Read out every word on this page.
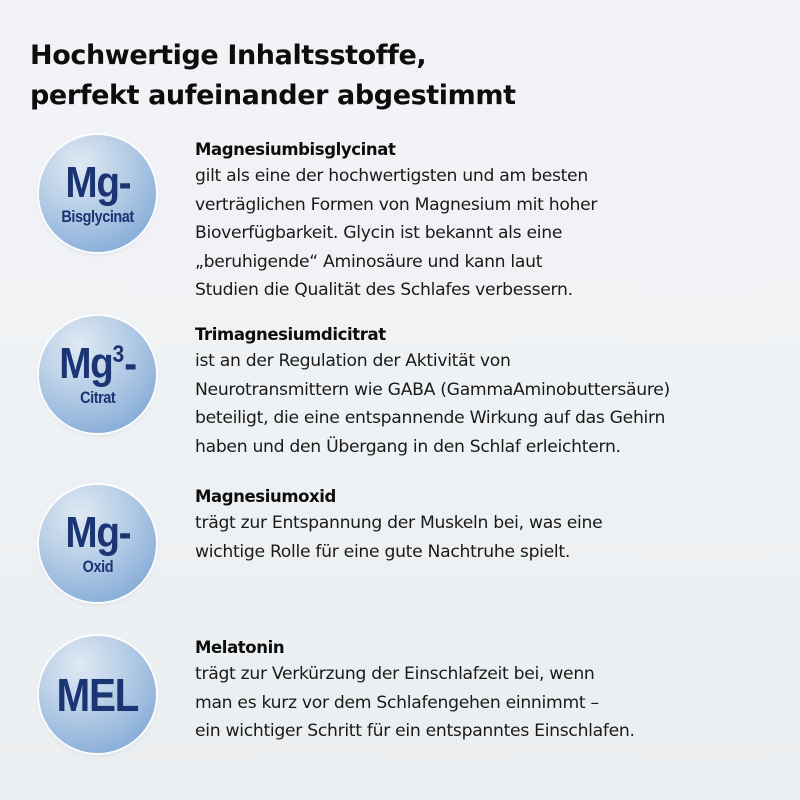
Hochwertige Inhaltsstoffe,
perfekt aufeinander abgestimmt
Mg-
Bisglycinat
Magnesiumbisglycinat

gilt als eine der hochwertigsten und am besten
verträglichen Formen von Magnesium mit hoher
Bioverfügbarkeit. Glycin ist bekannt als eine
„beruhigende“ Aminosäure und kann laut
Studien die Qualität des Schlafes verbessern.

Mg$^3$-
Citrat
Trimagnesiumdicitrat

ist an der Regulation der Aktivität von
Neurotransmittern wie GABA (GammaAminobuttersäure)
beteiligt, die eine entspannende Wirkung auf das Gehirn
haben und den Übergang in den Schlaf erleichtern.

Mg-
Oxid
Magnesiumoxid

trägt zur Entspannung der Muskeln bei, was eine
wichtige Rolle für eine gute Nachtruhe spielt.

MEL
Melatonin

trägt zur Verkürzung der Einschlafzeit bei, wenn
man es kurz vor dem Schlafengehen einnimmt –
ein wichtiger Schritt für ein entspanntes Einschlafen.
